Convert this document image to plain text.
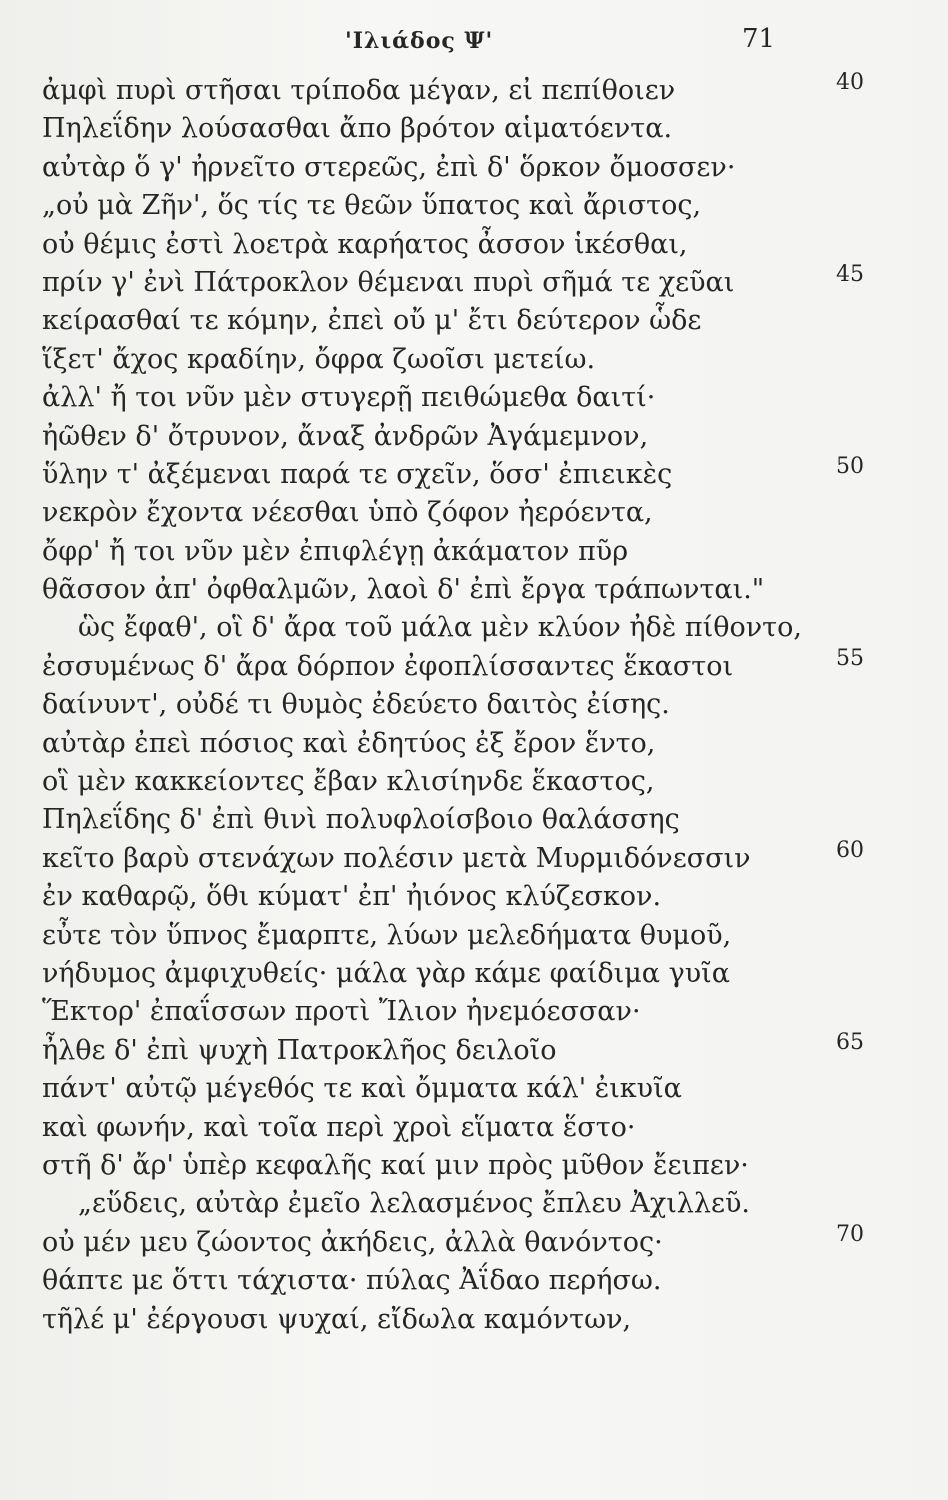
'Ιλιάδος Ψ'	71
ἀμφὶ πυρὶ στῆσαι τρίποδα μέγαν, εἰ πεπίθοιεν	40
Πηλεΐδην λούσασθαι ἄπο βρότον αἱματόεντα.
αὐτὰρ ὅ γ' ἠρνεῖτο στερεῶς, ἐπὶ δ' ὅρκον ὄμοσσεν·
„οὐ μὰ Ζῆν', ὅς τίς τε θεῶν ὕπατος καὶ ἄριστος,
οὐ θέμις ἐστὶ λοετρὰ καρήατος ἆσσον ἱκέσθαι,
πρίν γ' ἐνὶ Πάτροκλον θέμεναι πυρὶ σῆμά τε χεῦαι	45
κείρασθαί τε κόμην, ἐπεὶ οὔ μ' ἔτι δεύτερον ὧδε
ἵξετ' ἄχος κραδίην, ὄφρα ζωοῖσι μετείω.
ἀλλ' ἤ τοι νῦν μὲν στυγερῇ πειθώμεθα δαιτί·
ἠῶθεν δ' ὄτρυνον, ἄναξ ἀνδρῶν Ἀγάμεμνον,
ὕλην τ' ἀξέμεναι παρά τε σχεῖν, ὅσσ' ἐπιεικὲς	50
νεκρὸν ἔχοντα νέεσθαι ὑπὸ ζόφον ἠερόεντα,
ὄφρ' ἤ τοι νῦν μὲν ἐπιφλέγῃ ἀκάματον πῦρ
θᾶσσον ἀπ' ὀφθαλμῶν, λαοὶ δ' ἐπὶ ἔργα τράπωνται."
ὣς ἔφαθ', οἳ δ' ἄρα τοῦ μάλα μὲν κλύον ἠδὲ πίθοντο,
ἐσσυμένως δ' ἄρα δόρπον ἐφοπλίσσαντες ἕκαστοι	55
δαίνυντ', οὐδέ τι θυμὸς ἐδεύετο δαιτὸς ἐίσης.
αὐτὰρ ἐπεὶ πόσιος καὶ ἐδητύος ἐξ ἔρον ἕντο,
οἳ μὲν κακκείοντες ἔβαν κλισίηνδε ἕκαστος,
Πηλεΐδης δ' ἐπὶ θινὶ πολυφλοίσβοιο θαλάσσης
κεῖτο βαρὺ στενάχων πολέσιν μετὰ Μυρμιδόνεσσιν	60
ἐν καθαρῷ, ὅθι κύματ' ἐπ' ἠιόνος κλύζεσκον.
εὖτε τὸν ὕπνος ἔμαρπτε, λύων μελεδήματα θυμοῦ,
νήδυμος ἀμφιχυθείς· μάλα γὰρ κάμε φαίδιμα γυῖα
Ἕκτορ' ἐπαΐσσων προτὶ Ἴλιον ἠνεμόεσσαν·
ἦλθε δ' ἐπὶ ψυχὴ Πατροκλῆος δειλοῖο	65
πάντ' αὐτῷ μέγεθός τε καὶ ὄμματα κάλ' ἐικυῖα
καὶ φωνήν, καὶ τοῖα περὶ χροὶ εἵματα ἕστο·
στῆ δ' ἄρ' ὑπὲρ κεφαλῆς καί μιν πρὸς μῦθον ἔειπεν·
„εὕδεις, αὐτὰρ ἐμεῖο λελασμένος ἔπλευ Ἀχιλλεῦ.
οὐ μέν μευ ζώοντος ἀκήδεις, ἀλλὰ θανόντος·	70
θάπτε με ὅττι τάχιστα· πύλας Ἀΐδαο περήσω.
τῆλέ μ' ἐέργουσι ψυχαί, εἴδωλα καμόντων,
